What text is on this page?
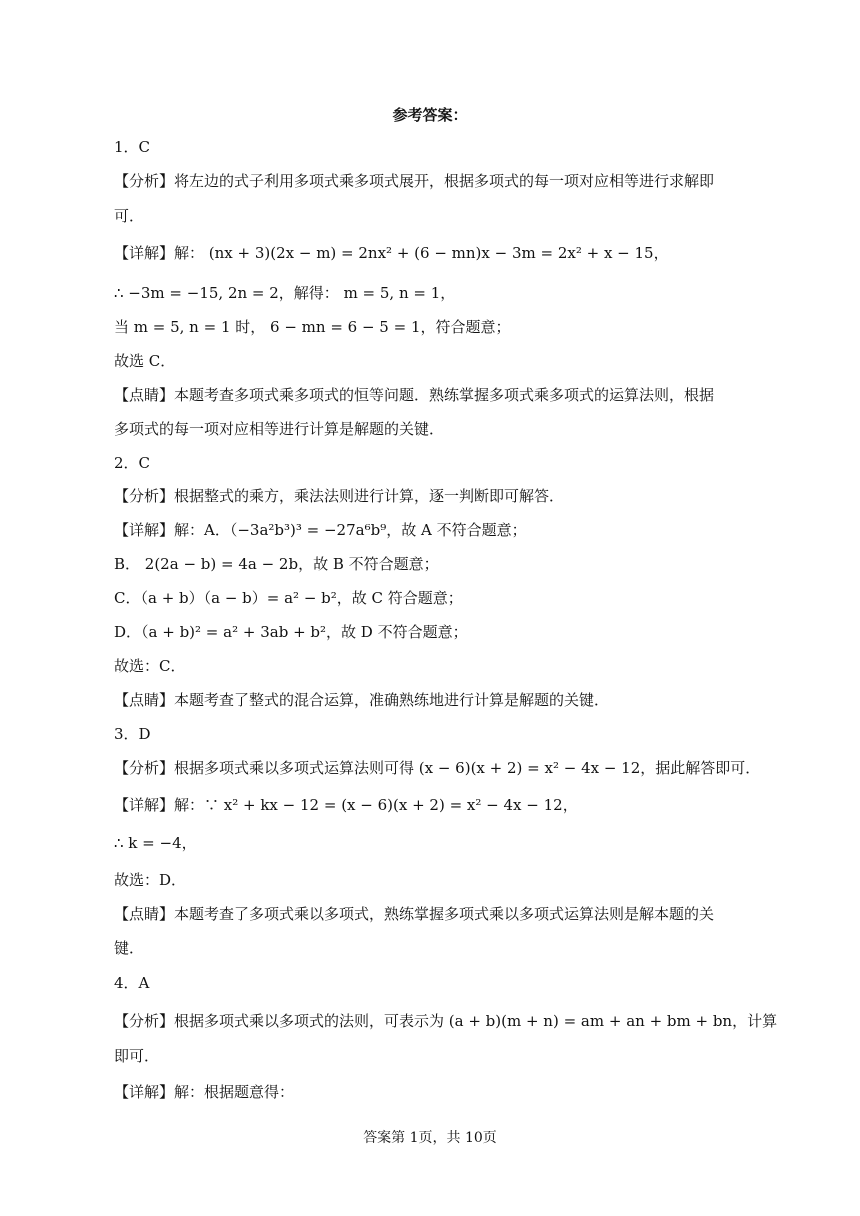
参考答案：
1．C
【分析】将左边的式子利用多项式乘多项式展开，根据多项式的每一项对应相等进行求解即
可．
【详解】解： (nx + 3)(2x − m) = 2nx² + (6 − mn)x − 3m = 2x² + x − 15，
∴ −3m = −15, 2n = 2，解得： m = 5, n = 1，
当 m = 5, n = 1 时， 6 − mn = 6 − 5 = 1，符合题意；
故选 C．
【点睛】本题考查多项式乘多项式的恒等问题．熟练掌握多项式乘多项式的运算法则，根据
多项式的每一项对应相等进行计算是解题的关键．
2．C
【分析】根据整式的乘方，乘法法则进行计算，逐一判断即可解答．
【详解】解：A．（−3a²b³)³ = −27a⁶b⁹，故 A 不符合题意；
B． 2(2a − b) = 4a − 2b，故 B 不符合题意；
C．（a + b）（a − b）= a² − b²，故 C 符合题意；
D．（a + b)² = a² + 3ab + b²，故 D 不符合题意；
故选：C．
【点睛】本题考查了整式的混合运算，准确熟练地进行计算是解题的关键．
3．D
【分析】根据多项式乘以多项式运算法则可得 (x − 6)(x + 2) = x² − 4x − 12，据此解答即可．
【详解】解：∵ x² + kx − 12 = (x − 6)(x + 2) = x² − 4x − 12，
∴ k = −4，
故选：D．
【点睛】本题考查了多项式乘以多项式，熟练掌握多项式乘以多项式运算法则是解本题的关
键．
4．A
【分析】根据多项式乘以多项式的法则，可表示为 (a + b)(m + n) = am + an + bm + bn，计算
即可．
【详解】解：根据题意得：
答案第 1页，共 10页
